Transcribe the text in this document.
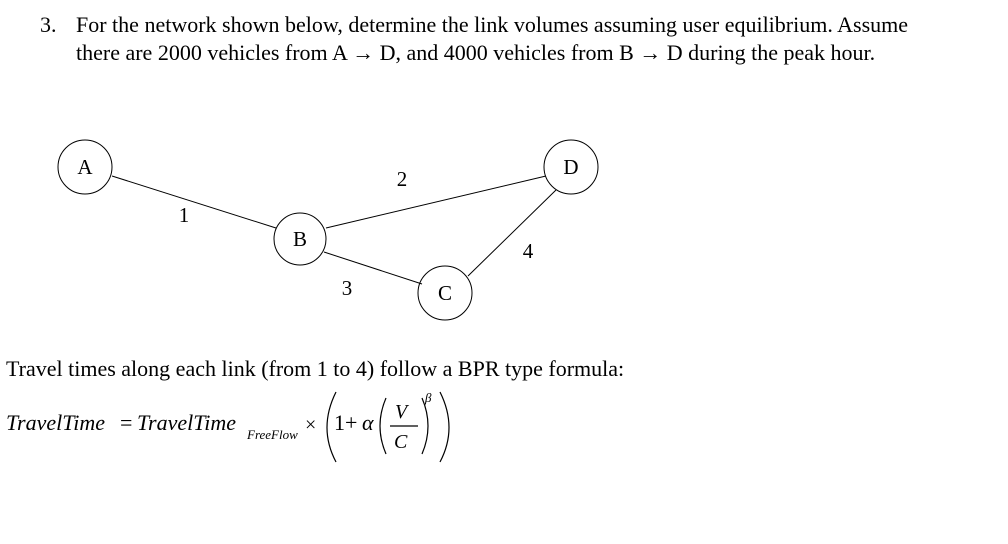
3. For the network shown below, determine the link volumes assuming user equilibrium. Assume
there are 2000 vehicles from A → D, and 4000 vehicles from B → D during the peak hour.
A
B
C
D
1
2
3
4
Travel times along each link (from 1 to 4) follow a BPR type formula:
TravelTime = TravelTime FreeFlow × 1+ α V
C
β
